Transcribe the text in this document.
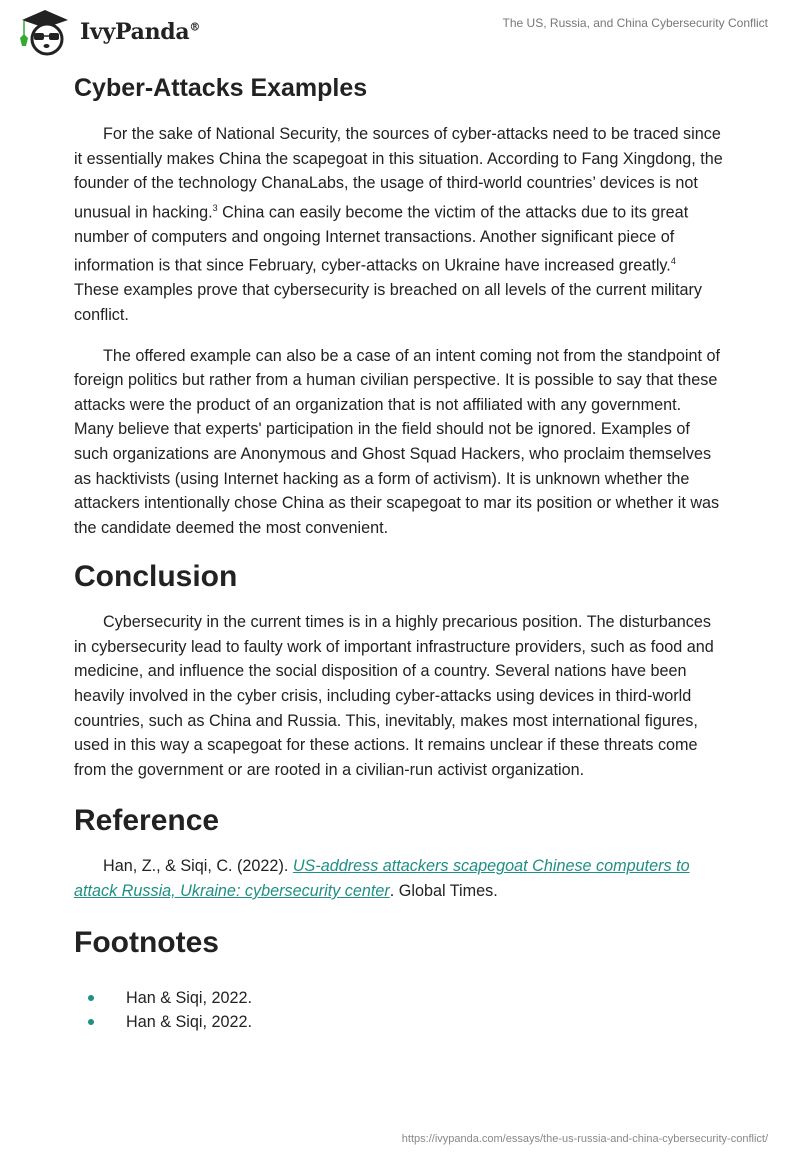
IvyPanda®	The US, Russia, and China Cybersecurity Conflict
Cyber-Attacks Examples

For the sake of National Security, the sources of cyber-attacks need to be traced since it essentially makes China the scapegoat in this situation. According to Fang Xingdong, the founder of the technology ChanaLabs, the usage of third-world countries’ devices is not unusual in hacking.$^3$ China can easily become the victim of the attacks due to its great number of computers and ongoing Internet transactions. Another significant piece of information is that since February, cyber-attacks on Ukraine have increased greatly.$^4$ These examples prove that cybersecurity is breached on all levels of the current military conflict.

The offered example can also be a case of an intent coming not from the standpoint of foreign politics but rather from a human civilian perspective. It is possible to say that these attacks were the product of an organization that is not affiliated with any government. Many believe that experts' participation in the field should not be ignored. Examples of such organizations are Anonymous and Ghost Squad Hackers, who proclaim themselves as hacktivists (using Internet hacking as a form of activism). It is unknown whether the attackers intentionally chose China as their scapegoat to mar its position or whether it was the candidate deemed the most convenient.

Conclusion

Cybersecurity in the current times is in a highly precarious position. The disturbances in cybersecurity lead to faulty work of important infrastructure providers, such as food and medicine, and influence the social disposition of a country. Several nations have been heavily involved in the cyber crisis, including cyber-attacks using devices in third-world countries, such as China and Russia. This, inevitably, makes most international figures, used in this way a scapegoat for these actions. It remains unclear if these threats come from the government or are rooted in a civilian-run activist organization.

Reference

Han, Z., & Siqi, C. (2022). US-address attackers scapegoat Chinese computers to attack Russia, Ukraine: cybersecurity center. Global Times.

Footnotes
Han & Siqi, 2022.
Han & Siqi, 2022.
https://ivypanda.com/essays/the-us-russia-and-china-cybersecurity-conflict/
